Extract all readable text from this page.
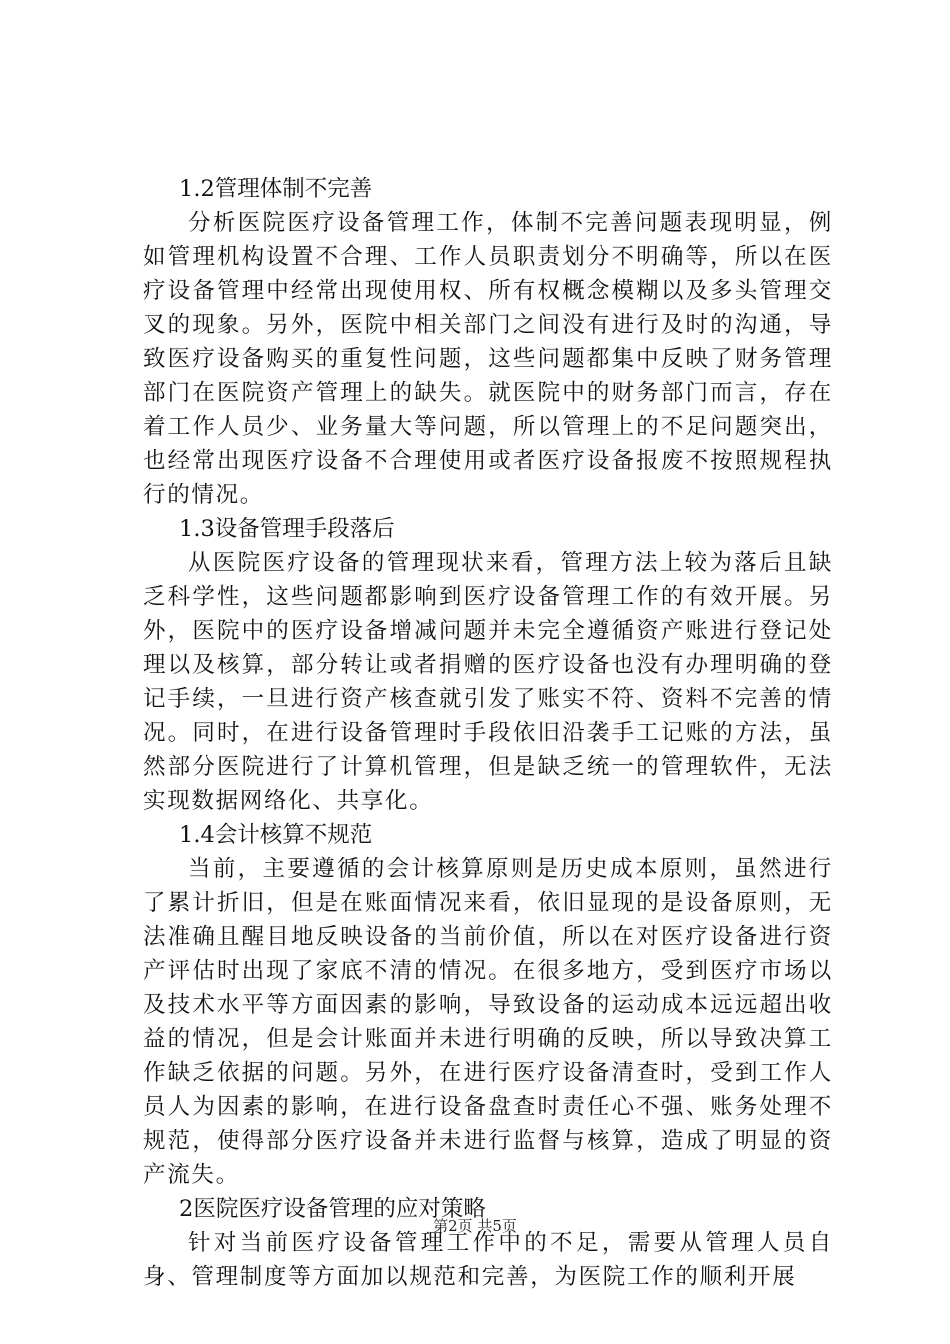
1.2管理体制不完善

分析医院医疗设备管理工作，体制不完善问题表现明显，例如管理机构设置不合理、工作人员职责划分不明确等，所以在医疗设备管理中经常出现使用权、所有权概念模糊以及多头管理交叉的现象。另外，医院中相关部门之间没有进行及时的沟通，导致医疗设备购买的重复性问题，这些问题都集中反映了财务管理部门在医院资产管理上的缺失。就医院中的财务部门而言，存在着工作人员少、业务量大等问题，所以管理上的不足问题突出，也经常出现医疗设备不合理使用或者医疗设备报废不按照规程执行的情况。

1.3设备管理手段落后

从医院医疗设备的管理现状来看，管理方法上较为落后且缺乏科学性，这些问题都影响到医疗设备管理工作的有效开展。另外，医院中的医疗设备增减问题并未完全遵循资产账进行登记处理以及核算，部分转让或者捐赠的医疗设备也没有办理明确的登记手续，一旦进行资产核查就引发了账实不符、资料不完善的情况。同时，在进行设备管理时手段依旧沿袭手工记账的方法，虽然部分医院进行了计算机管理，但是缺乏统一的管理软件，无法实现数据网络化、共享化。

1.4会计核算不规范

当前，主要遵循的会计核算原则是历史成本原则，虽然进行了累计折旧，但是在账面情况来看，依旧显现的是设备原则，无法准确且醒目地反映设备的当前价值，所以在对医疗设备进行资产评估时出现了家底不清的情况。在很多地方，受到医疗市场以及技术水平等方面因素的影响，导致设备的运动成本远远超出收益的情况，但是会计账面并未进行明确的反映，所以导致决算工作缺乏依据的问题。另外，在进行医疗设备清查时，受到工作人员人为因素的影响，在进行设备盘查时责任心不强、账务处理不规范，使得部分医疗设备并未进行监督与核算，造成了明显的资产流失。

2医院医疗设备管理的应对策略

针对当前医疗设备管理工作中的不足，需要从管理人员自身、管理制度等方面加以规范和完善，为医院工作的顺利开展

第2页 共5页
